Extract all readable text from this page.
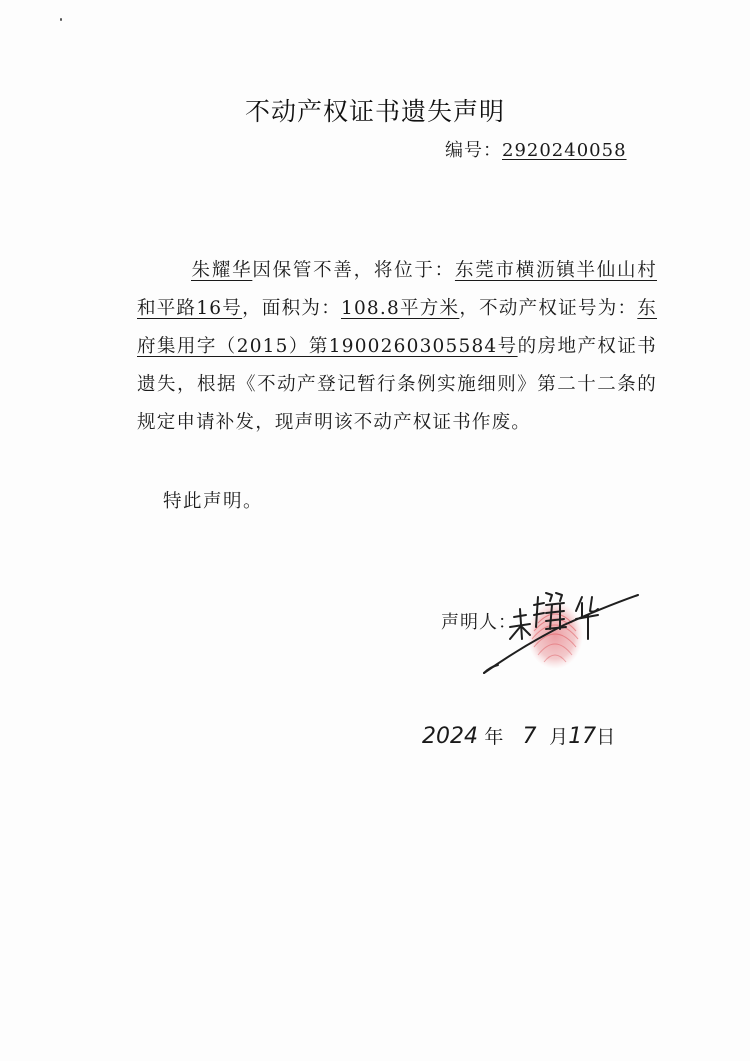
不动产权证书遗失声明
编号：2920240058
朱耀华因保管不善，将位于：东莞市横沥镇半仙山村和平路16号，面积为：108.8平方米，不动产权证号为：东府集用字（2015）第1900260305584号的房地产权证书遗失，根据《不动产登记暂行条例实施细则》第二十二条的规定申请补发，现声明该不动产权证书作废。
特此声明。
声明人：
2024 年 7 月17日
